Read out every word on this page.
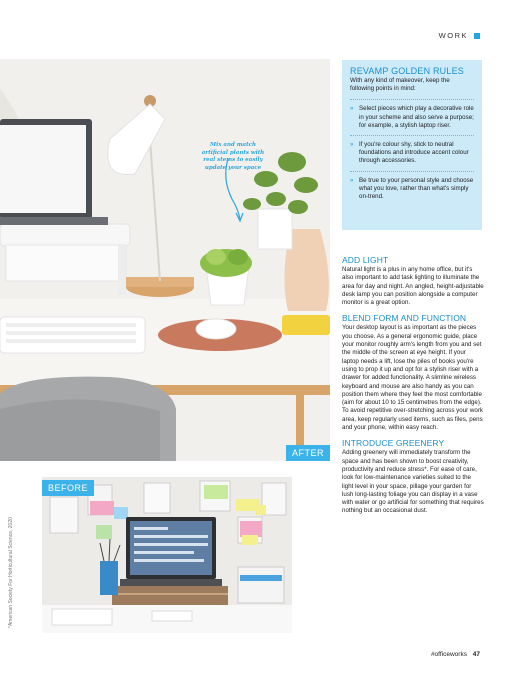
WORK
Mix and match artificial plants with real stems to easily update your space
AFTER
BEFORE
*American Society For Horticultural Science, 2020
REVAMP GOLDEN RULES
With any kind of makeover, keep the following points in mind:
» Select pieces which play a decorative role in your scheme and also serve a purpose; for example, a stylish laptop riser.
» If you're colour shy, stick to neutral foundations and introduce accent colour through accessories.
» Be true to your personal style and choose what you love, rather than what's simply on-trend.
ADD LIGHT
Natural light is a plus in any home office, but it's also important to add task lighting to illuminate the area for day and night. An angled, height-adjustable desk lamp you can position alongside a computer monitor is a great option.
BLEND FORM AND FUNCTION
Your desktop layout is as important as the pieces you choose. As a general ergonomic guide, place your monitor roughly arm's length from you and set the middle of the screen at eye height. If your laptop needs a lift, lose the piles of books you're using to prop it up and opt for a stylish riser with a drawer for added functionality. A slimline wireless keyboard and mouse are also handy as you can position them where they feel the most comfortable (aim for about 10 to 15 centimetres from the edge). To avoid repetitive over-stretching across your work area, keep regularly used items, such as files, pens and your phone, within easy reach.
INTRODUCE GREENERY
Adding greenery will immediately transform the space and has been shown to boost creativity, productivity and reduce stress*. For ease of care, look for low-maintenance varieties suited to the light level in your space, pillage your garden for lush long-lasting foliage you can display in a vase with water or go artificial for something that requires nothing but an occasional dust.
#officeworks 47
